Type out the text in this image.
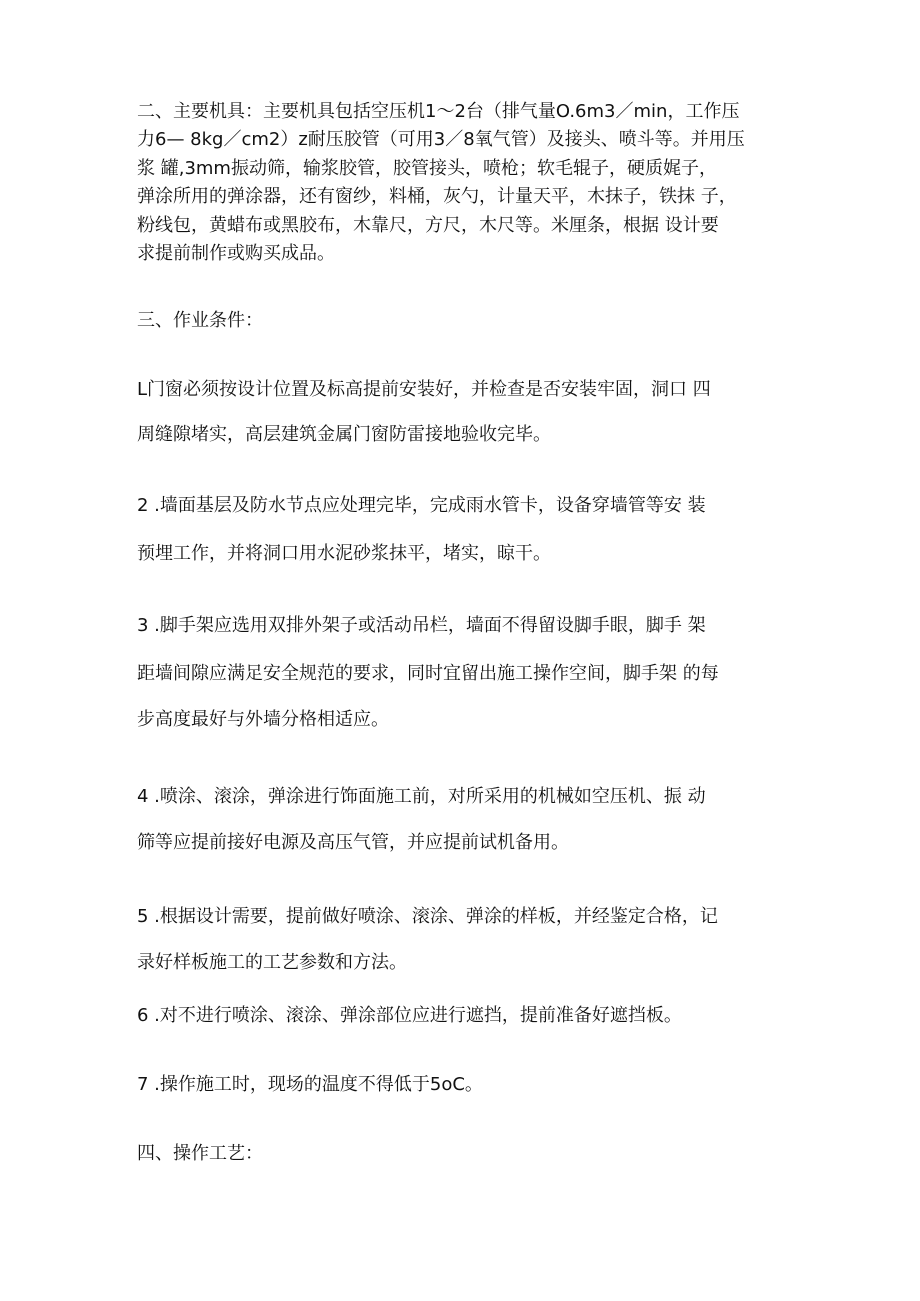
二、主要机具：主要机具包括空压机1～2台（排气量O.6m3／min，工作压
力6— 8kg／cm2）z耐压胶管（可用3／8氧气管）及接头、喷斗等。并用压
浆 罐,3mm振动筛，输浆胶管，胶管接头，喷枪；软毛辊子，硬质娓子，
弹涂所用的弹涂器，还有窗纱，料桶，灰勺，计量天平，木抹子，铁抹 子，
粉线包，黄蜡布或黑胶布，木靠尺，方尺，木尺等。米厘条，根据 设计要
求提前制作或购买成品。
三、作业条件：
L门窗必须按设计位置及标高提前安装好，并检查是否安装牢固，洞口 四
周缝隙堵实，高层建筑金属门窗防雷接地验收完毕。
2 .墙面基层及防水节点应处理完毕，完成雨水管卡，设备穿墙管等安 装
预埋工作，并将洞口用水泥砂浆抹平，堵实，晾干。
3 .脚手架应选用双排外架子或活动吊栏，墙面不得留设脚手眼，脚手 架
距墙间隙应满足安全规范的要求，同时宜留出施工操作空间，脚手架 的每
步高度最好与外墙分格相适应。
4 .喷涂、滚涂，弹涂进行饰面施工前，对所采用的机械如空压机、振 动
筛等应提前接好电源及高压气管，并应提前试机备用。
5 .根据设计需要，提前做好喷涂、滚涂、弹涂的样板，并经鉴定合格，记
录好样板施工的工艺参数和方法。
6 .对不进行喷涂、滚涂、弹涂部位应进行遮挡，提前准备好遮挡板。
7 .操作施工时，现场的温度不得低于5oC。
四、操作工艺：
